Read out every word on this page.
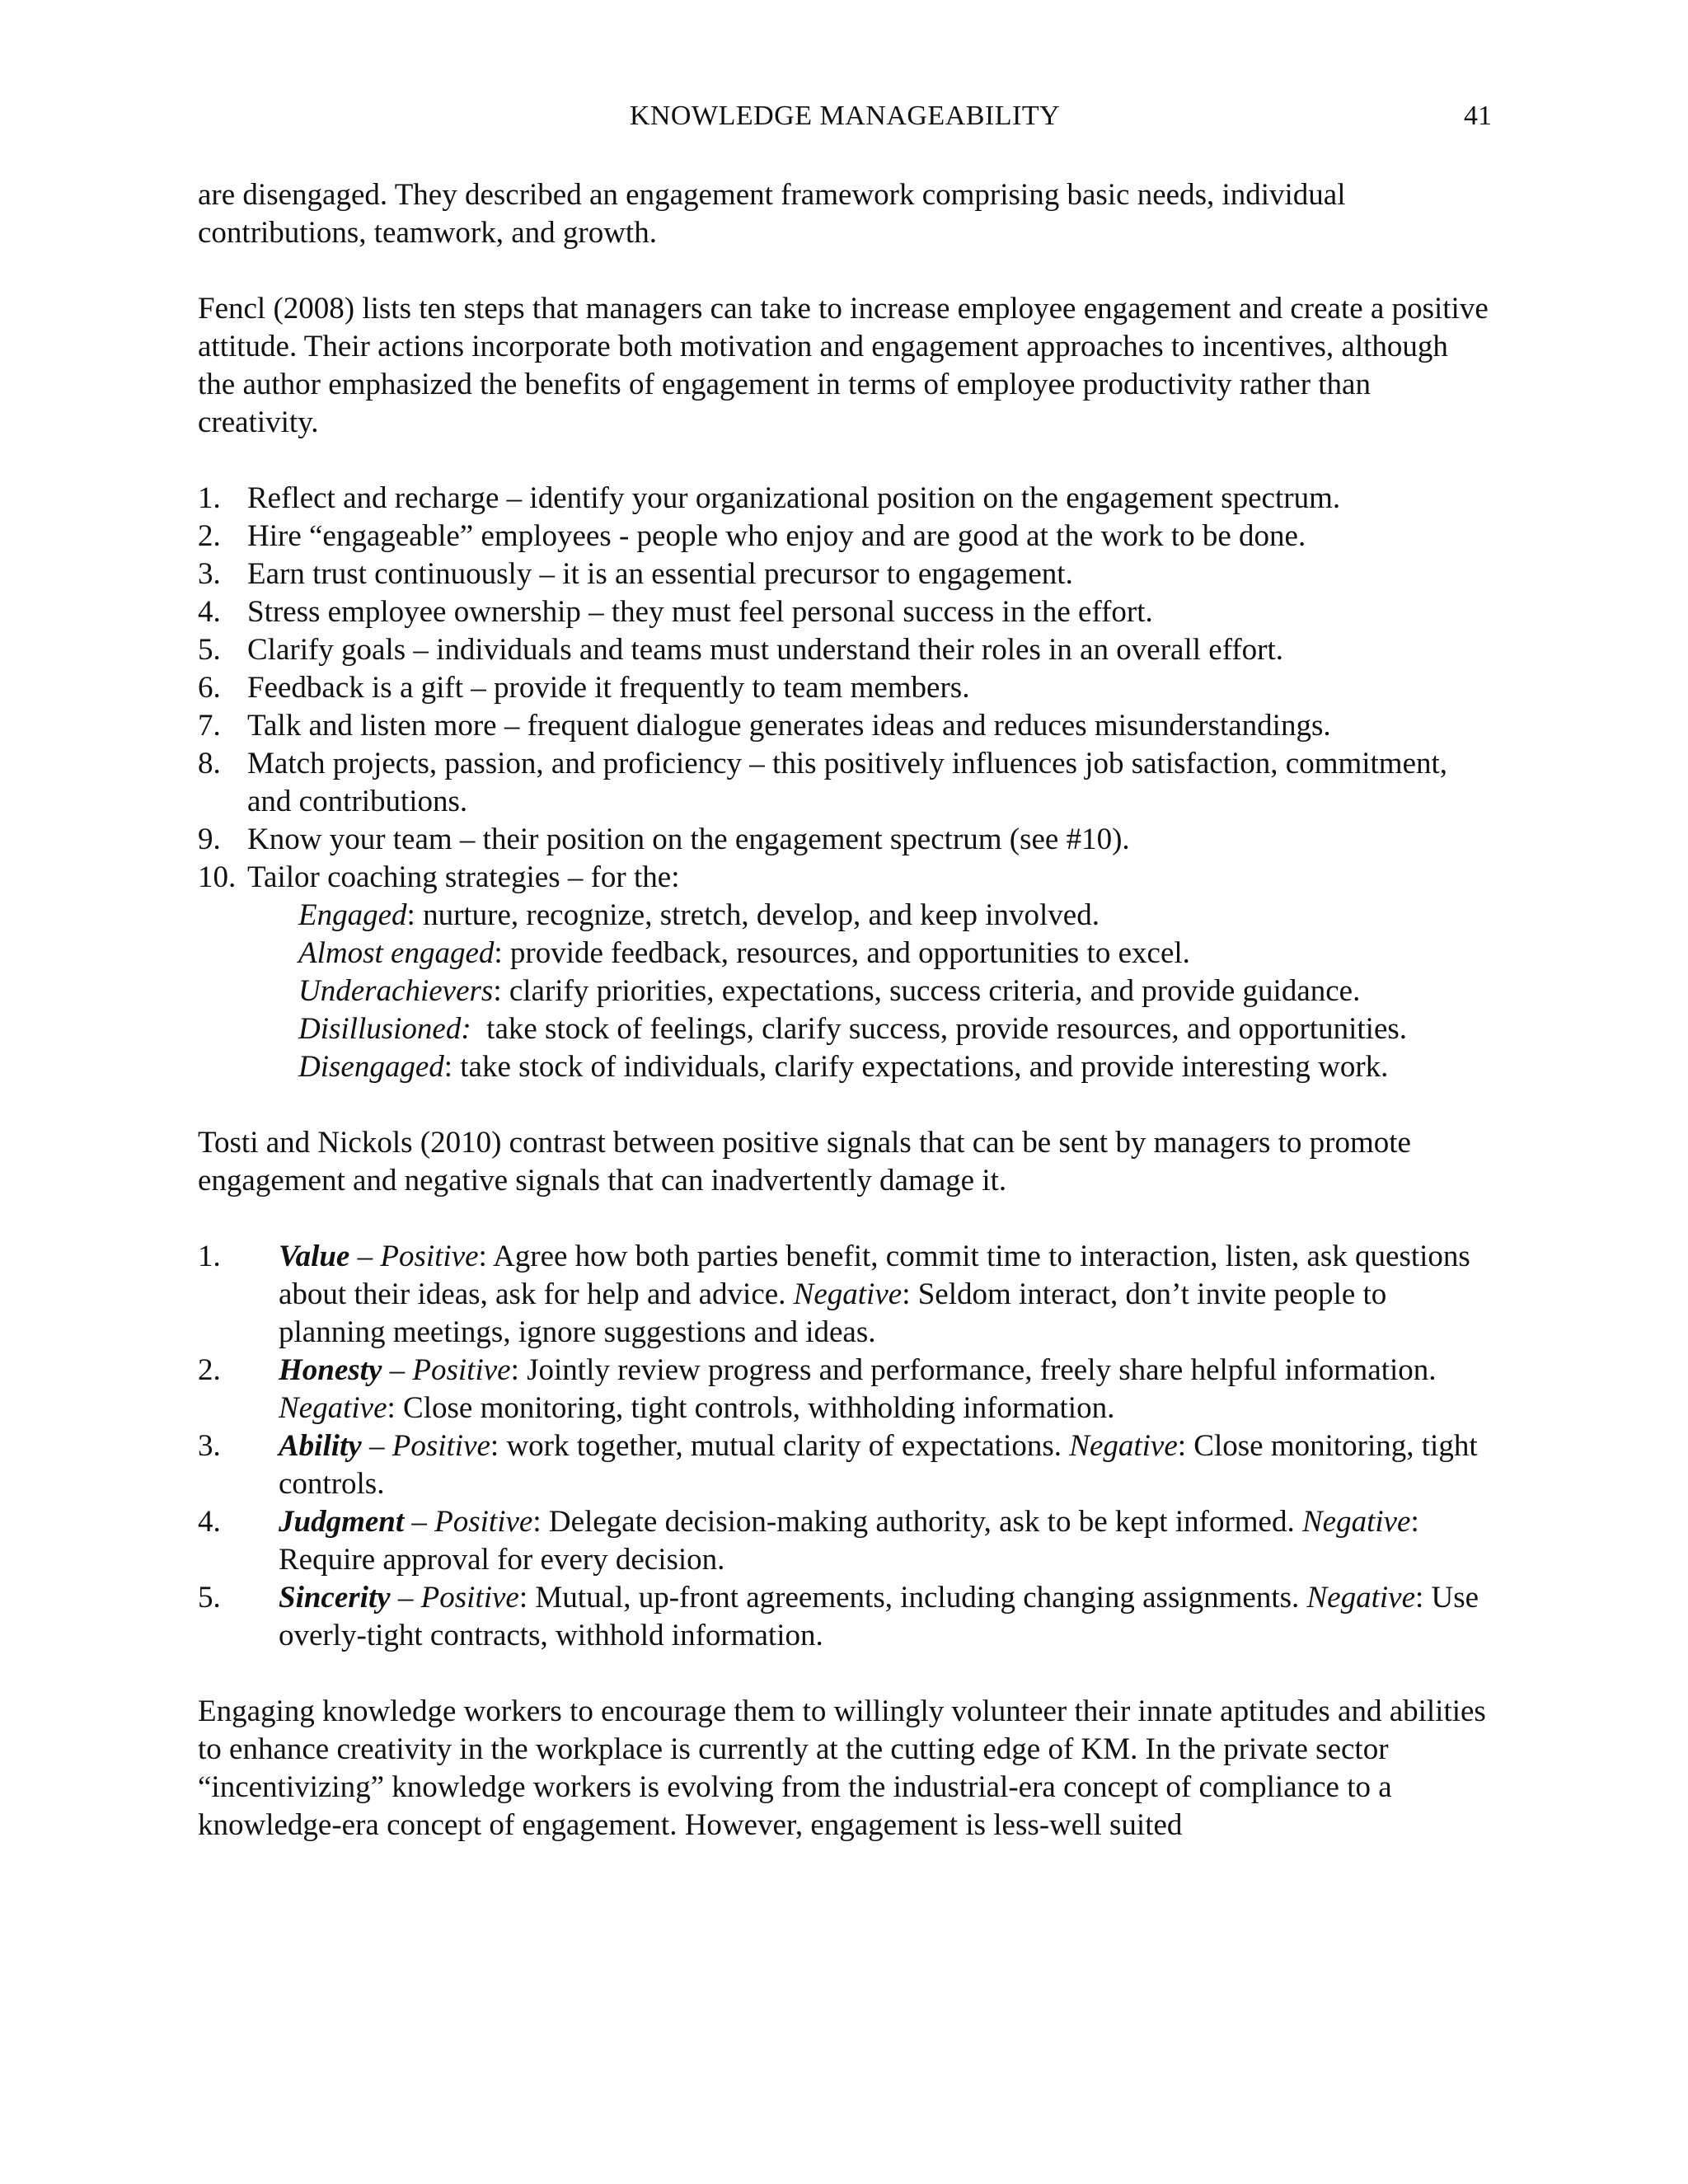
KNOWLEDGE MANAGEABILITY	41

are disengaged. They described an engagement framework comprising basic needs, individual contributions, teamwork, and growth.

Fencl (2008) lists ten steps that managers can take to increase employee engagement and create a positive attitude. Their actions incorporate both motivation and engagement approaches to incentives, although the author emphasized the benefits of engagement in terms of employee productivity rather than creativity.

1. Reflect and recharge – identify your organizational position on the engagement spectrum.
2. Hire “engageable” employees - people who enjoy and are good at the work to be done.
3. Earn trust continuously – it is an essential precursor to engagement.
4. Stress employee ownership – they must feel personal success in the effort.
5. Clarify goals – individuals and teams must understand their roles in an overall effort.
6. Feedback is a gift – provide it frequently to team members.
7. Talk and listen more – frequent dialogue generates ideas and reduces misunderstandings.
8. Match projects, passion, and proficiency – this positively influences job satisfaction, commitment, and contributions.
9. Know your team – their position on the engagement spectrum (see #10).
10. Tailor coaching strategies – for the:
Engaged: nurture, recognize, stretch, develop, and keep involved.
Almost engaged: provide feedback, resources, and opportunities to excel.
Underachievers: clarify priorities, expectations, success criteria, and provide guidance.
Disillusioned:  take stock of feelings, clarify success, provide resources, and opportunities.
Disengaged: take stock of individuals, clarify expectations, and provide interesting work.

Tosti and Nickols (2010) contrast between positive signals that can be sent by managers to promote engagement and negative signals that can inadvertently damage it.

1. Value – Positive: Agree how both parties benefit, commit time to interaction, listen, ask questions about their ideas, ask for help and advice. Negative: Seldom interact, don’t invite people to planning meetings, ignore suggestions and ideas.
2. Honesty – Positive: Jointly review progress and performance, freely share helpful information. Negative: Close monitoring, tight controls, withholding information.
3. Ability – Positive: work together, mutual clarity of expectations. Negative: Close monitoring, tight controls.
4. Judgment – Positive: Delegate decision-making authority, ask to be kept informed. Negative: Require approval for every decision.
5. Sincerity – Positive: Mutual, up-front agreements, including changing assignments. Negative: Use overly-tight contracts, withhold information.

Engaging knowledge workers to encourage them to willingly volunteer their innate aptitudes and abilities to enhance creativity in the workplace is currently at the cutting edge of KM. In the private sector “incentivizing” knowledge workers is evolving from the industrial-era concept of compliance to a knowledge-era concept of engagement. However, engagement is less-well suited
